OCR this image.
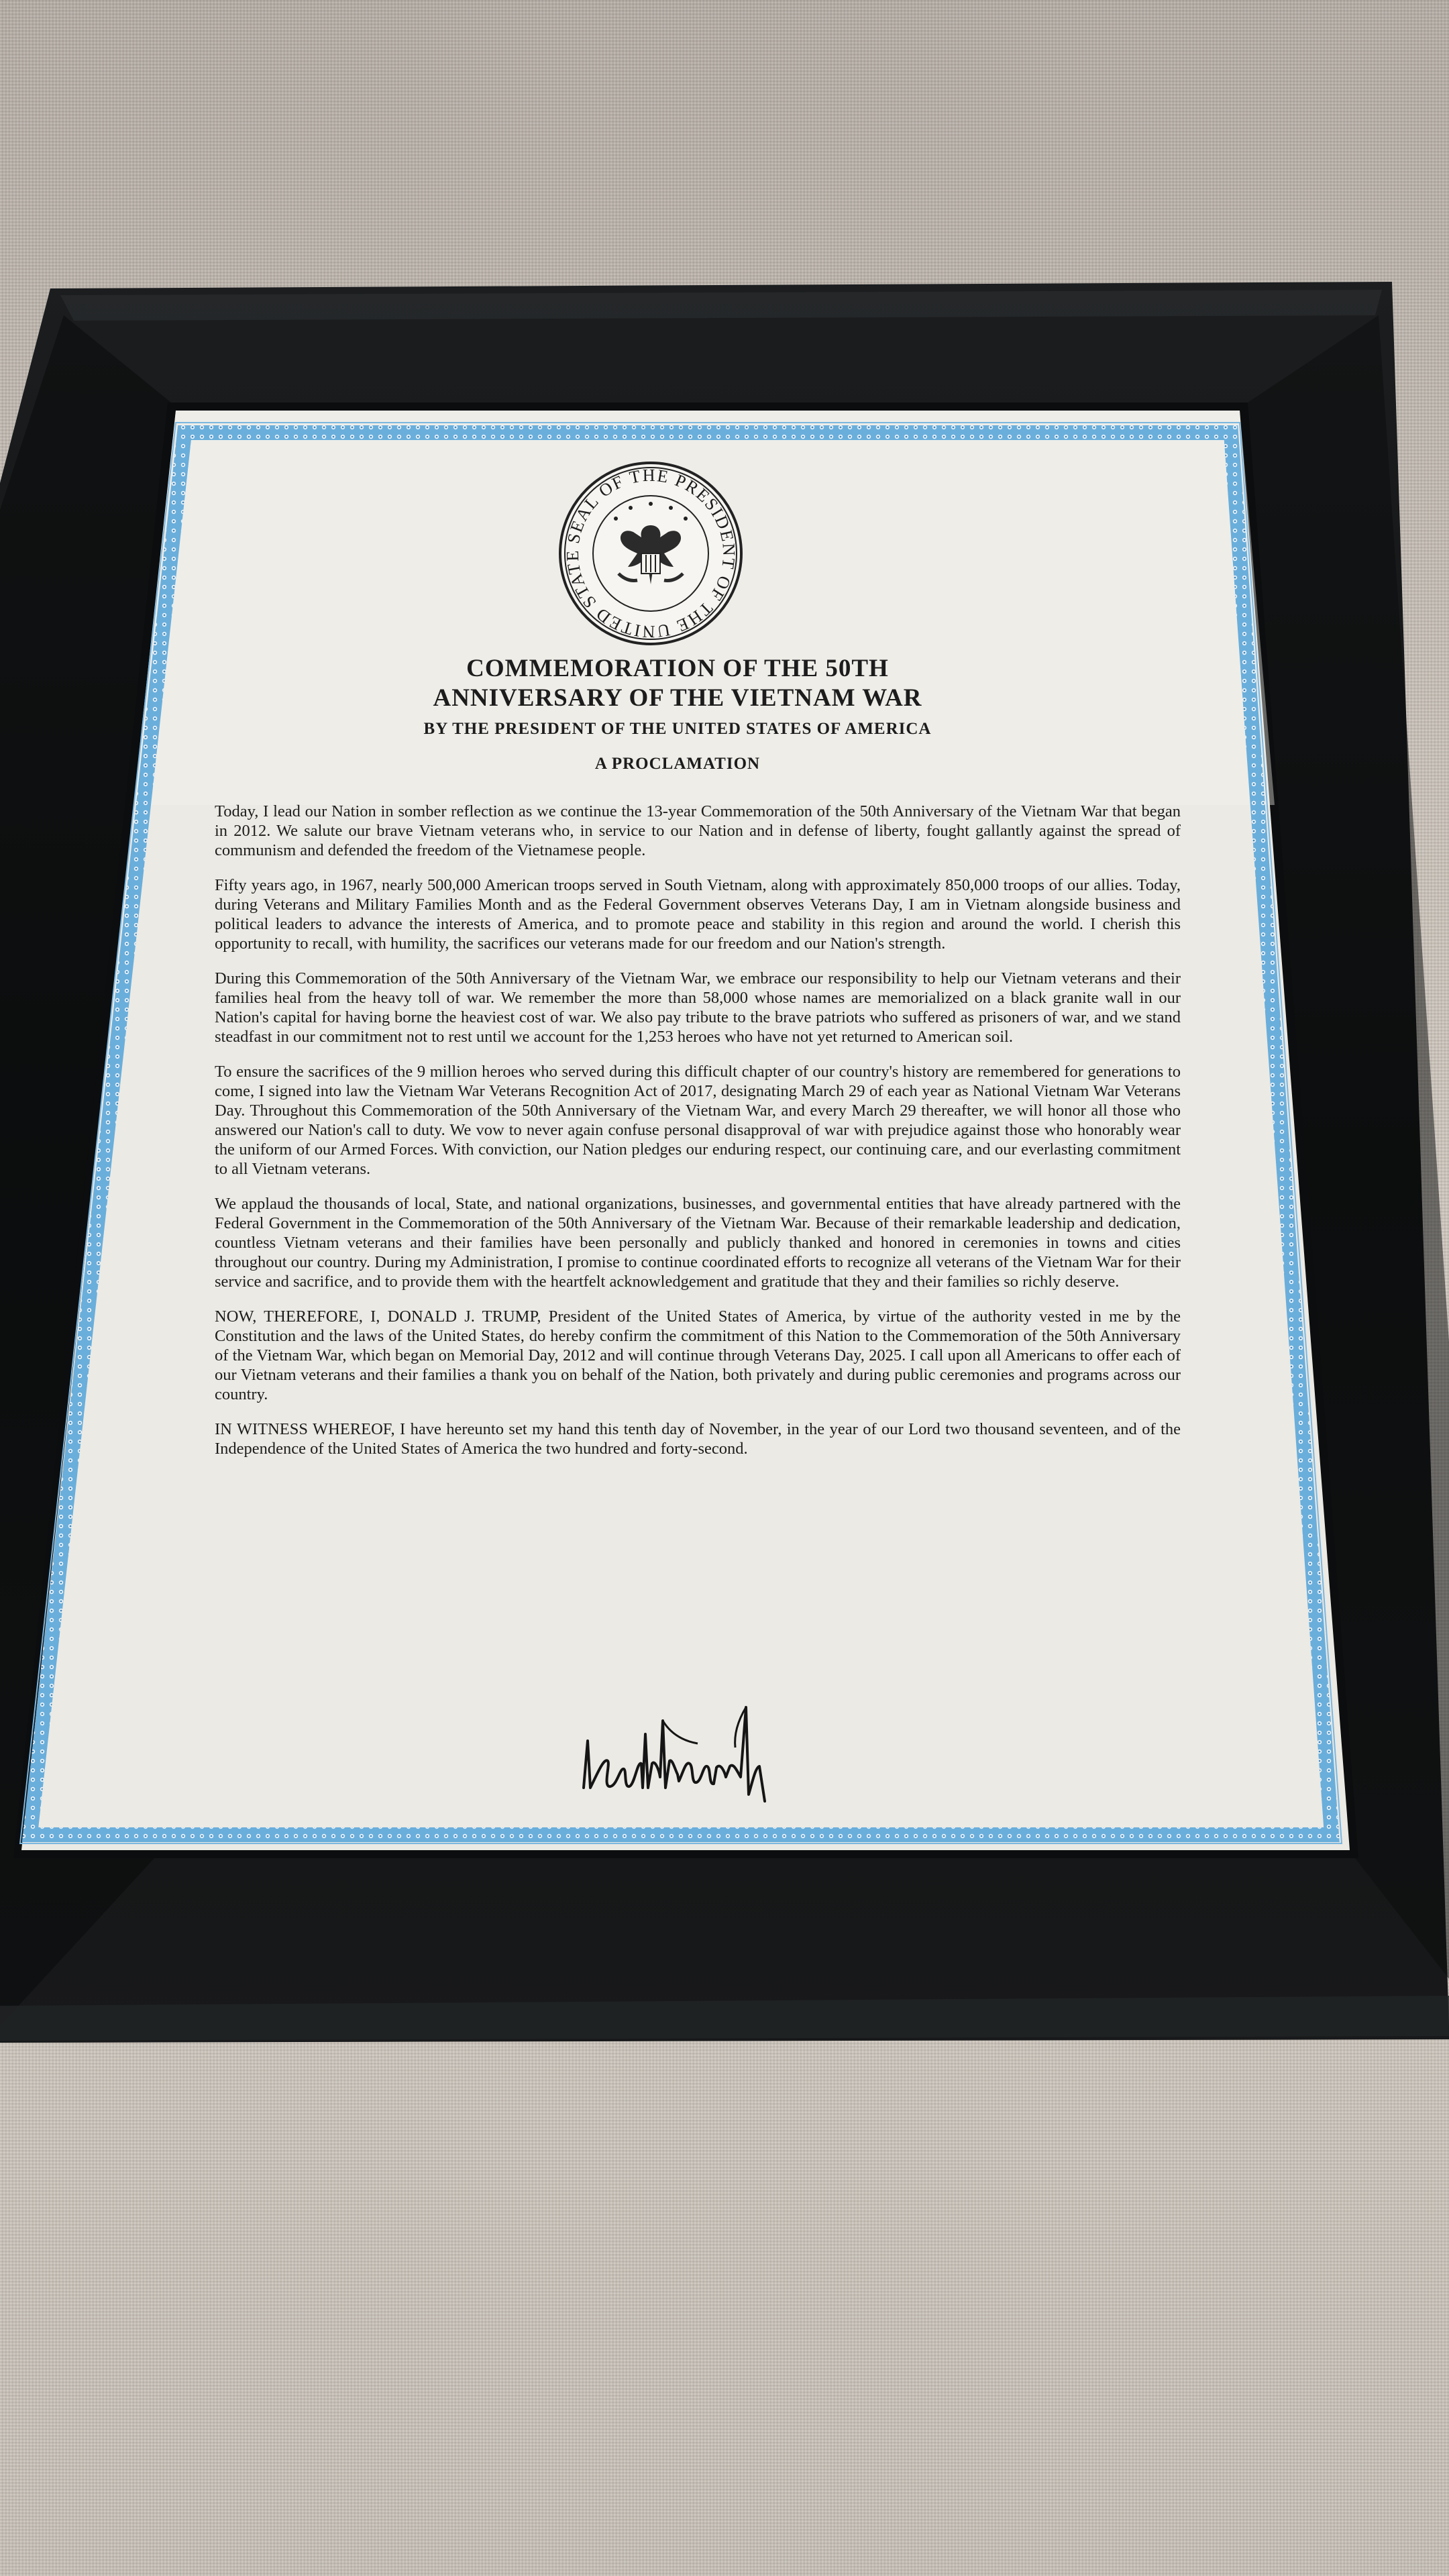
SEAL OF THE PRESIDENT OF THE UNITED STATE
COMMEMORATION OF THE 50TH
ANNIVERSARY OF THE VIETNAM WAR
BY THE PRESIDENT OF THE UNITED STATES OF AMERICA
A PROCLAMATION

Today, I lead our Nation in somber reflection as we continue the 13-year Commemoration of the 50th Anniversary of the Vietnam War that began in 2012. We salute our brave Vietnam veterans who, in service to our Nation and in defense of liberty, fought gallantly against the spread of communism and defended the freedom of the Vietnamese people.

Fifty years ago, in 1967, nearly 500,000 American troops served in South Vietnam, along with approximately 850,000 troops of our allies. Today, during Veterans and Military Families Month and as the Federal Government observes Veterans Day, I am in Vietnam alongside business and political leaders to advance the interests of America, and to promote peace and stability in this region and around the world. I cherish this opportunity to recall, with humility, the sacrifices our veterans made for our freedom and our Nation's strength.

During this Commemoration of the 50th Anniversary of the Vietnam War, we embrace our responsibility to help our Vietnam veterans and their families heal from the heavy toll of war. We remember the more than 58,000 whose names are memorialized on a black granite wall in our Nation's capital for having borne the heaviest cost of war. We also pay tribute to the brave patriots who suffered as prisoners of war, and we stand steadfast in our commitment not to rest until we account for the 1,253 heroes who have not yet returned to American soil.

To ensure the sacrifices of the 9 million heroes who served during this difficult chapter of our country's history are remembered for generations to come, I signed into law the Vietnam War Veterans Recognition Act of 2017, designating March 29 of each year as National Vietnam War Veterans Day. Throughout this Commemoration of the 50th Anniversary of the Vietnam War, and every March 29 thereafter, we will honor all those who answered our Nation's call to duty. We vow to never again confuse personal disapproval of war with prejudice against those who honorably wear the uniform of our Armed Forces. With conviction, our Nation pledges our enduring respect, our continuing care, and our everlasting commitment to all Vietnam veterans.

We applaud the thousands of local, State, and national organizations, businesses, and governmental entities that have already partnered with the Federal Government in the Commemoration of the 50th Anniversary of the Vietnam War. Because of their remarkable leadership and dedication, countless Vietnam veterans and their families have been personally and publicly thanked and honored in ceremonies in towns and cities throughout our country. During my Administration, I promise to continue coordinated efforts to recognize all veterans of the Vietnam War for their service and sacrifice, and to provide them with the heartfelt acknowledgement and gratitude that they and their families so richly deserve.

NOW, THEREFORE, I, DONALD J. TRUMP, President of the United States of America, by virtue of the authority vested in me by the Constitution and the laws of the United States, do hereby confirm the commitment of this Nation to the Commemoration of the 50th Anniversary of the Vietnam War, which began on Memorial Day, 2012 and will continue through Veterans Day, 2025. I call upon all Americans to offer each of our Vietnam veterans and their families a thank you on behalf of the Nation, both privately and during public ceremonies and programs across our country.

IN WITNESS WHEREOF, I have hereunto set my hand this tenth day of November, in the year of our Lord two thousand seventeen, and of the Independence of the United States of America the two hundred and forty-second.
